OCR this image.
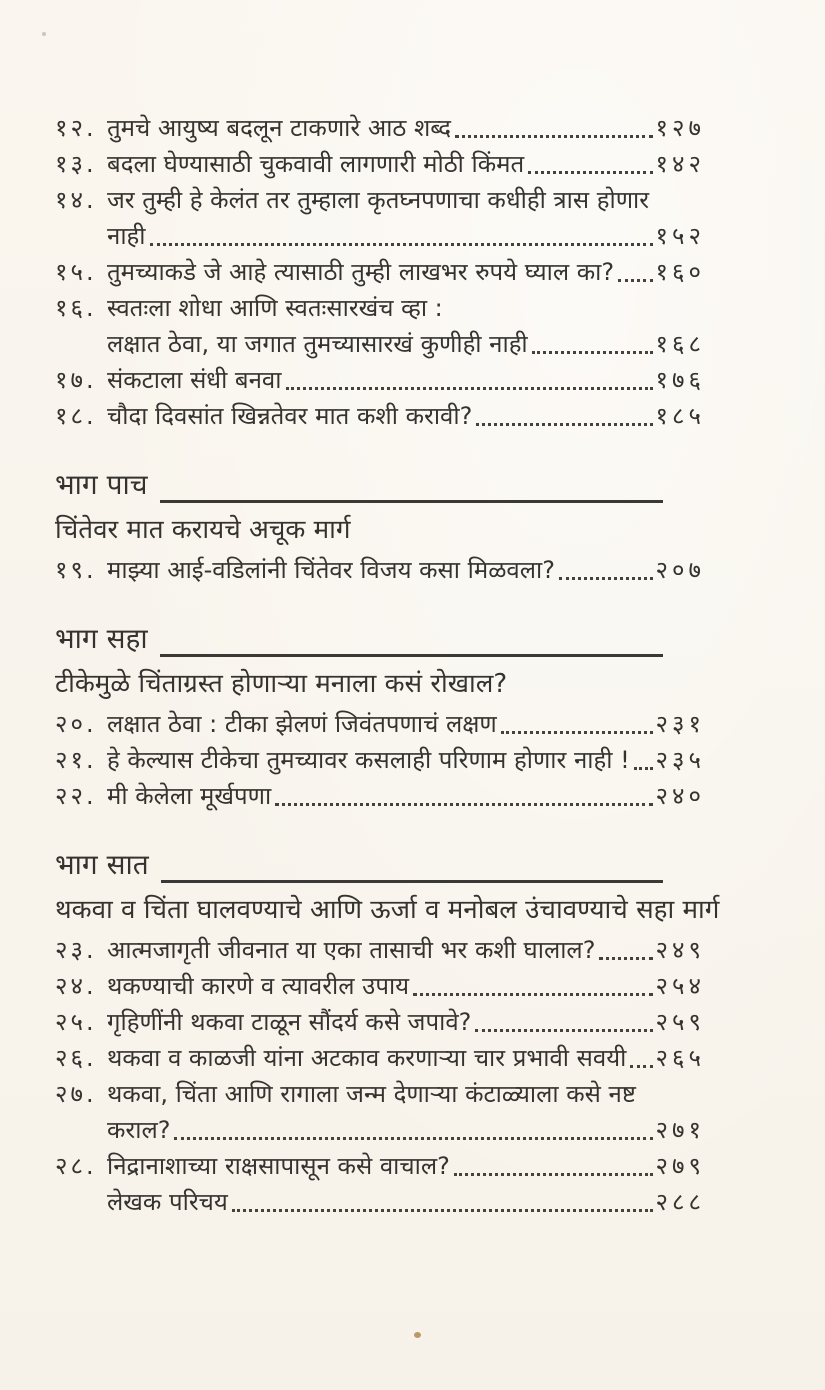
१२. तुमचे आयुष्य बदलून टाकणारे आठ शब्द	१२७
१३. बदला घेण्यासाठी चुकवावी लागणारी मोठी किंमत	१४२
१४. जर तुम्ही हे केलंत तर तुम्हाला कृतघ्नपणाचा कधीही त्रास होणार
नाही	१५२
१५. तुमच्याकडे जे आहे त्यासाठी तुम्ही लाखभर रुपये घ्याल का? १६०
१६. स्वतःला शोधा आणि स्वतःसारखंच व्हा :
लक्षात ठेवा, या जगात तुमच्यासारखं कुणीही नाही	१६८
१७. संकटाला संधी बनवा	१७६
१८. चौदा दिवसांत खिन्नतेवर मात कशी करावी?	१८५
भाग पाच
चिंतेवर मात करायचे अचूक मार्ग
१९. माझ्या आई-वडिलांनी चिंतेवर विजय कसा मिळवला?	२०७
भाग सहा
टीकेमुळे चिंताग्रस्त होणाऱ्या मनाला कसं रोखाल?
२०. लक्षात ठेवा : टीका झेलणं जिवंतपणाचं लक्षण	२३१
२१. हे केल्यास टीकेचा तुमच्यावर कसलाही परिणाम होणार नाही ! २३५
२२. मी केलेला मूर्खपणा	२४०
भाग सात
थकवा व चिंता घालवण्याचे आणि ऊर्जा व मनोबल उंचावण्याचे सहा मार्ग
२३. आत्मजागृती जीवनात या एका तासाची भर कशी घालाल?	२४९
२४. थकण्याची कारणे व त्यावरील उपाय	२५४
२५. गृहिणींनी थकवा टाळून सौंदर्य कसे जपावे?	२५९
२६. थकवा व काळजी यांना अटकाव करणाऱ्या चार प्रभावी सवयी २६५
२७. थकवा, चिंता आणि रागाला जन्म देणाऱ्या कंटाळ्याला कसे नष्ट
कराल?	२७१
२८. निद्रानाशाच्या राक्षसापासून कसे वाचाल?	२७९
लेखक परिचय	२८८
